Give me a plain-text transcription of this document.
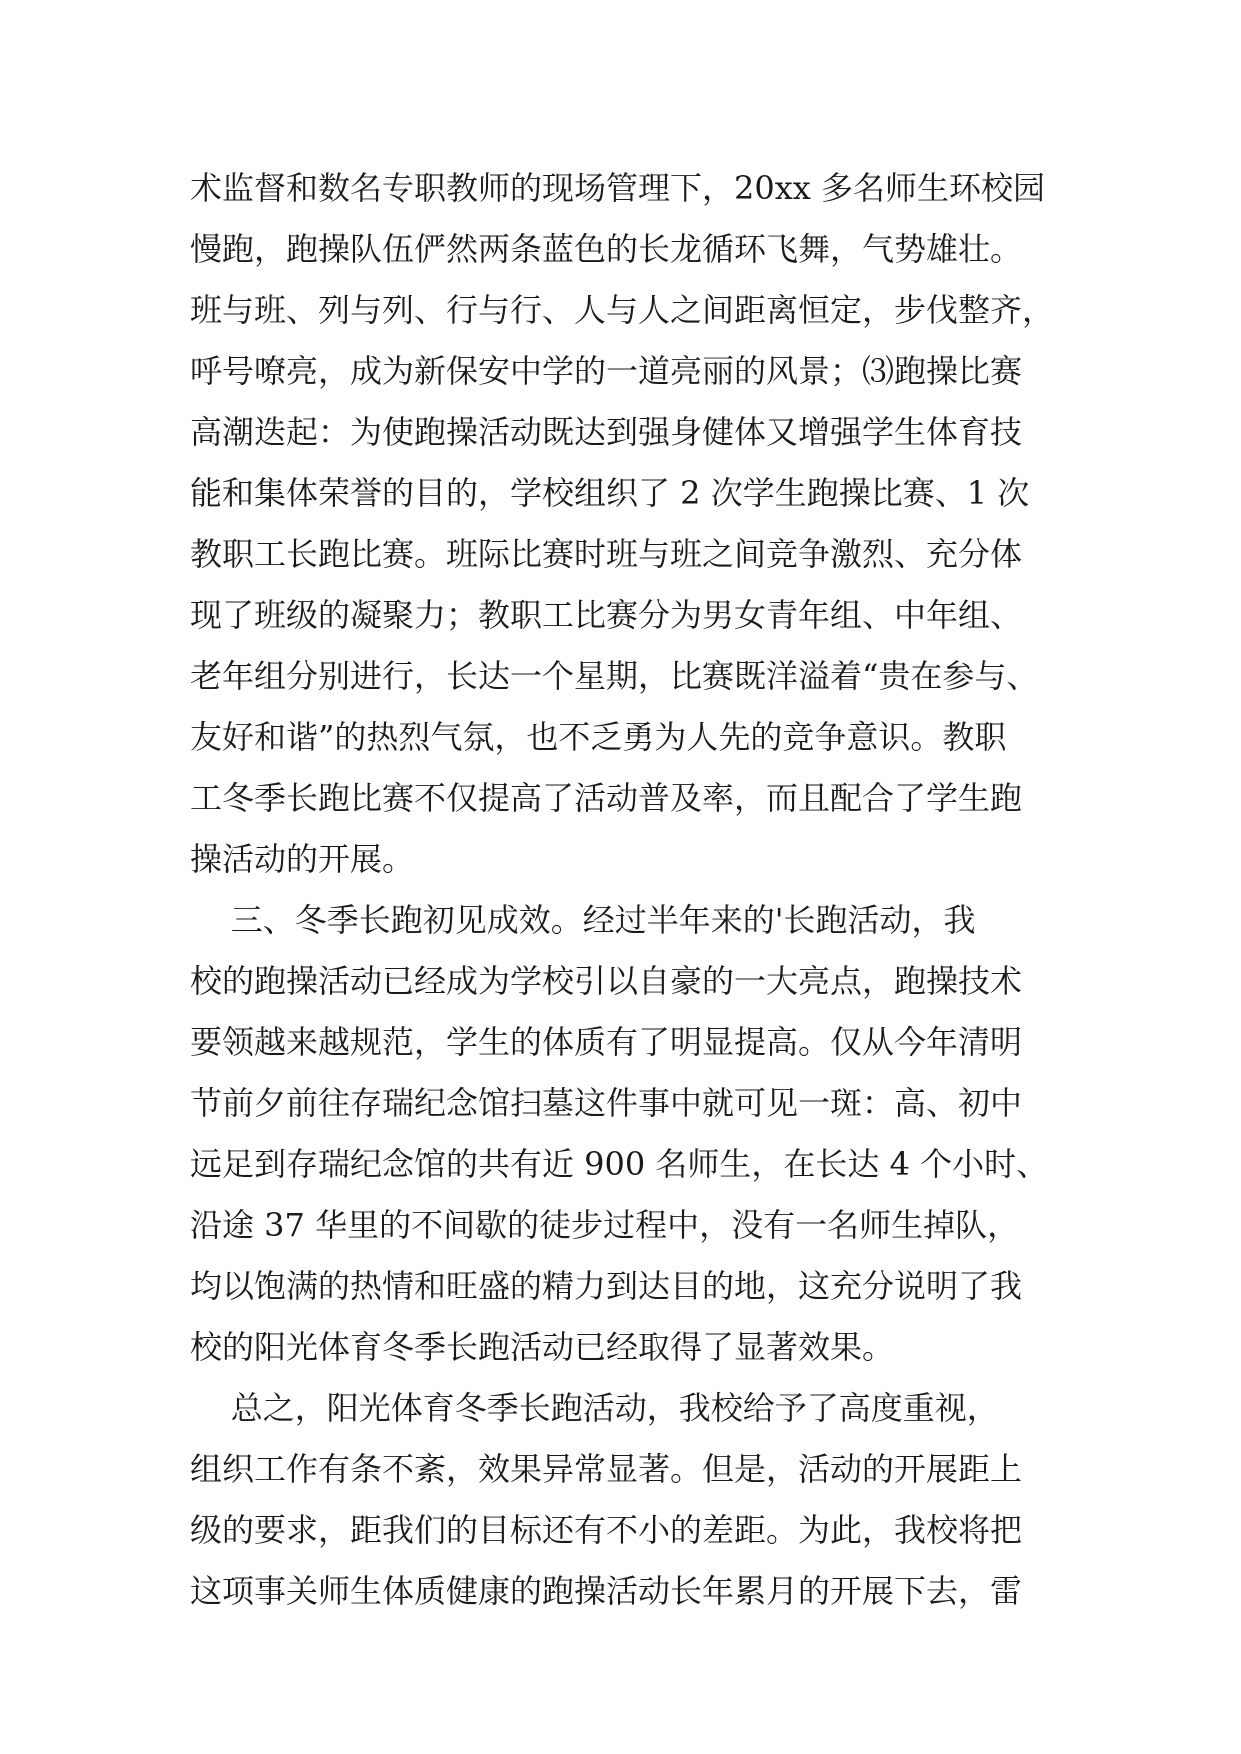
术监督和数名专职教师的现场管理下，20xx 多名师生环校园
慢跑，跑操队伍俨然两条蓝色的长龙循环飞舞，气势雄壮。
班与班、列与列、行与行、人与人之间距离恒定，步伐整齐，
呼号嘹亮，成为新保安中学的一道亮丽的风景；⑶跑操比赛
高潮迭起：为使跑操活动既达到强身健体又增强学生体育技
能和集体荣誉的目的，学校组织了 2 次学生跑操比赛、1 次
教职工长跑比赛。班际比赛时班与班之间竞争激烈、充分体
现了班级的凝聚力；教职工比赛分为男女青年组、中年组、
老年组分别进行，长达一个星期，比赛既洋溢着“贵在参与、
友好和谐”的热烈气氛，也不乏勇为人先的竞争意识。教职
工冬季长跑比赛不仅提高了活动普及率，而且配合了学生跑
操活动的开展。
三、冬季长跑初见成效。经过半年来的'长跑活动，我
校的跑操活动已经成为学校引以自豪的一大亮点，跑操技术
要领越来越规范，学生的体质有了明显提高。仅从今年清明
节前夕前往存瑞纪念馆扫墓这件事中就可见一斑：高、初中
远足到存瑞纪念馆的共有近 900 名师生，在长达 4 个小时、
沿途 37 华里的不间歇的徒步过程中，没有一名师生掉队，
均以饱满的热情和旺盛的精力到达目的地，这充分说明了我
校的阳光体育冬季长跑活动已经取得了显著效果。
总之，阳光体育冬季长跑活动，我校给予了高度重视，
组织工作有条不紊，效果异常显著。但是，活动的开展距上
级的要求，距我们的目标还有不小的差距。为此，我校将把
这项事关师生体质健康的跑操活动长年累月的开展下去，雷
